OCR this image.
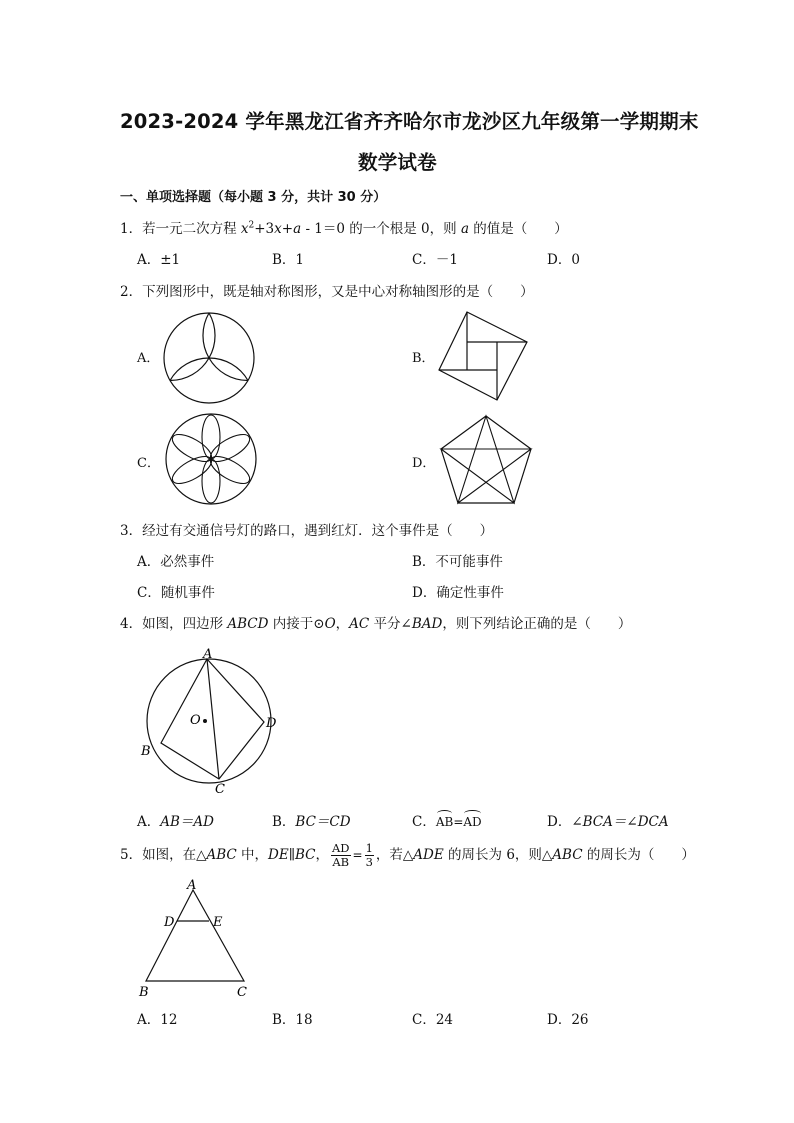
2023-2024 学年黑龙江省齐齐哈尔市龙沙区九年级第一学期期末
数学试卷
一、单项选择题（每小题 3 分，共计 30 分）
1．若一元二次方程 $x^2+3x+a - 1=0$ 的一个根是 0，则 a 的值是（　　）
A．±1	B．1	C．－1	D．0
2．下列图形中，既是轴对称图形，又是中心对称轴图形的是（　　）
A．	B．
C．	D．
3．经过有交通信号灯的路口，遇到红灯．这个事件是（　　）
A．必然事件	B．不可能事件
C．随机事件	D．确定性事件
4．如图，四边形 ABCD 内接于⊙O，AC 平分∠BAD，则下列结论正确的是（　　）
A
O	D
B
C
A．AB＝AD	B．BC＝CD	C．AB=AD	D．∠BCA＝∠DCA
5．如图，在△ABC 中，DE∥BC， $\frac{AD}{AB} = \frac{1}{3}$ ，若△ADE 的周长为 6，则△ABC 的周长为（　　）
A
D	E
B	C
A．12	B．18	C．24	D．26
